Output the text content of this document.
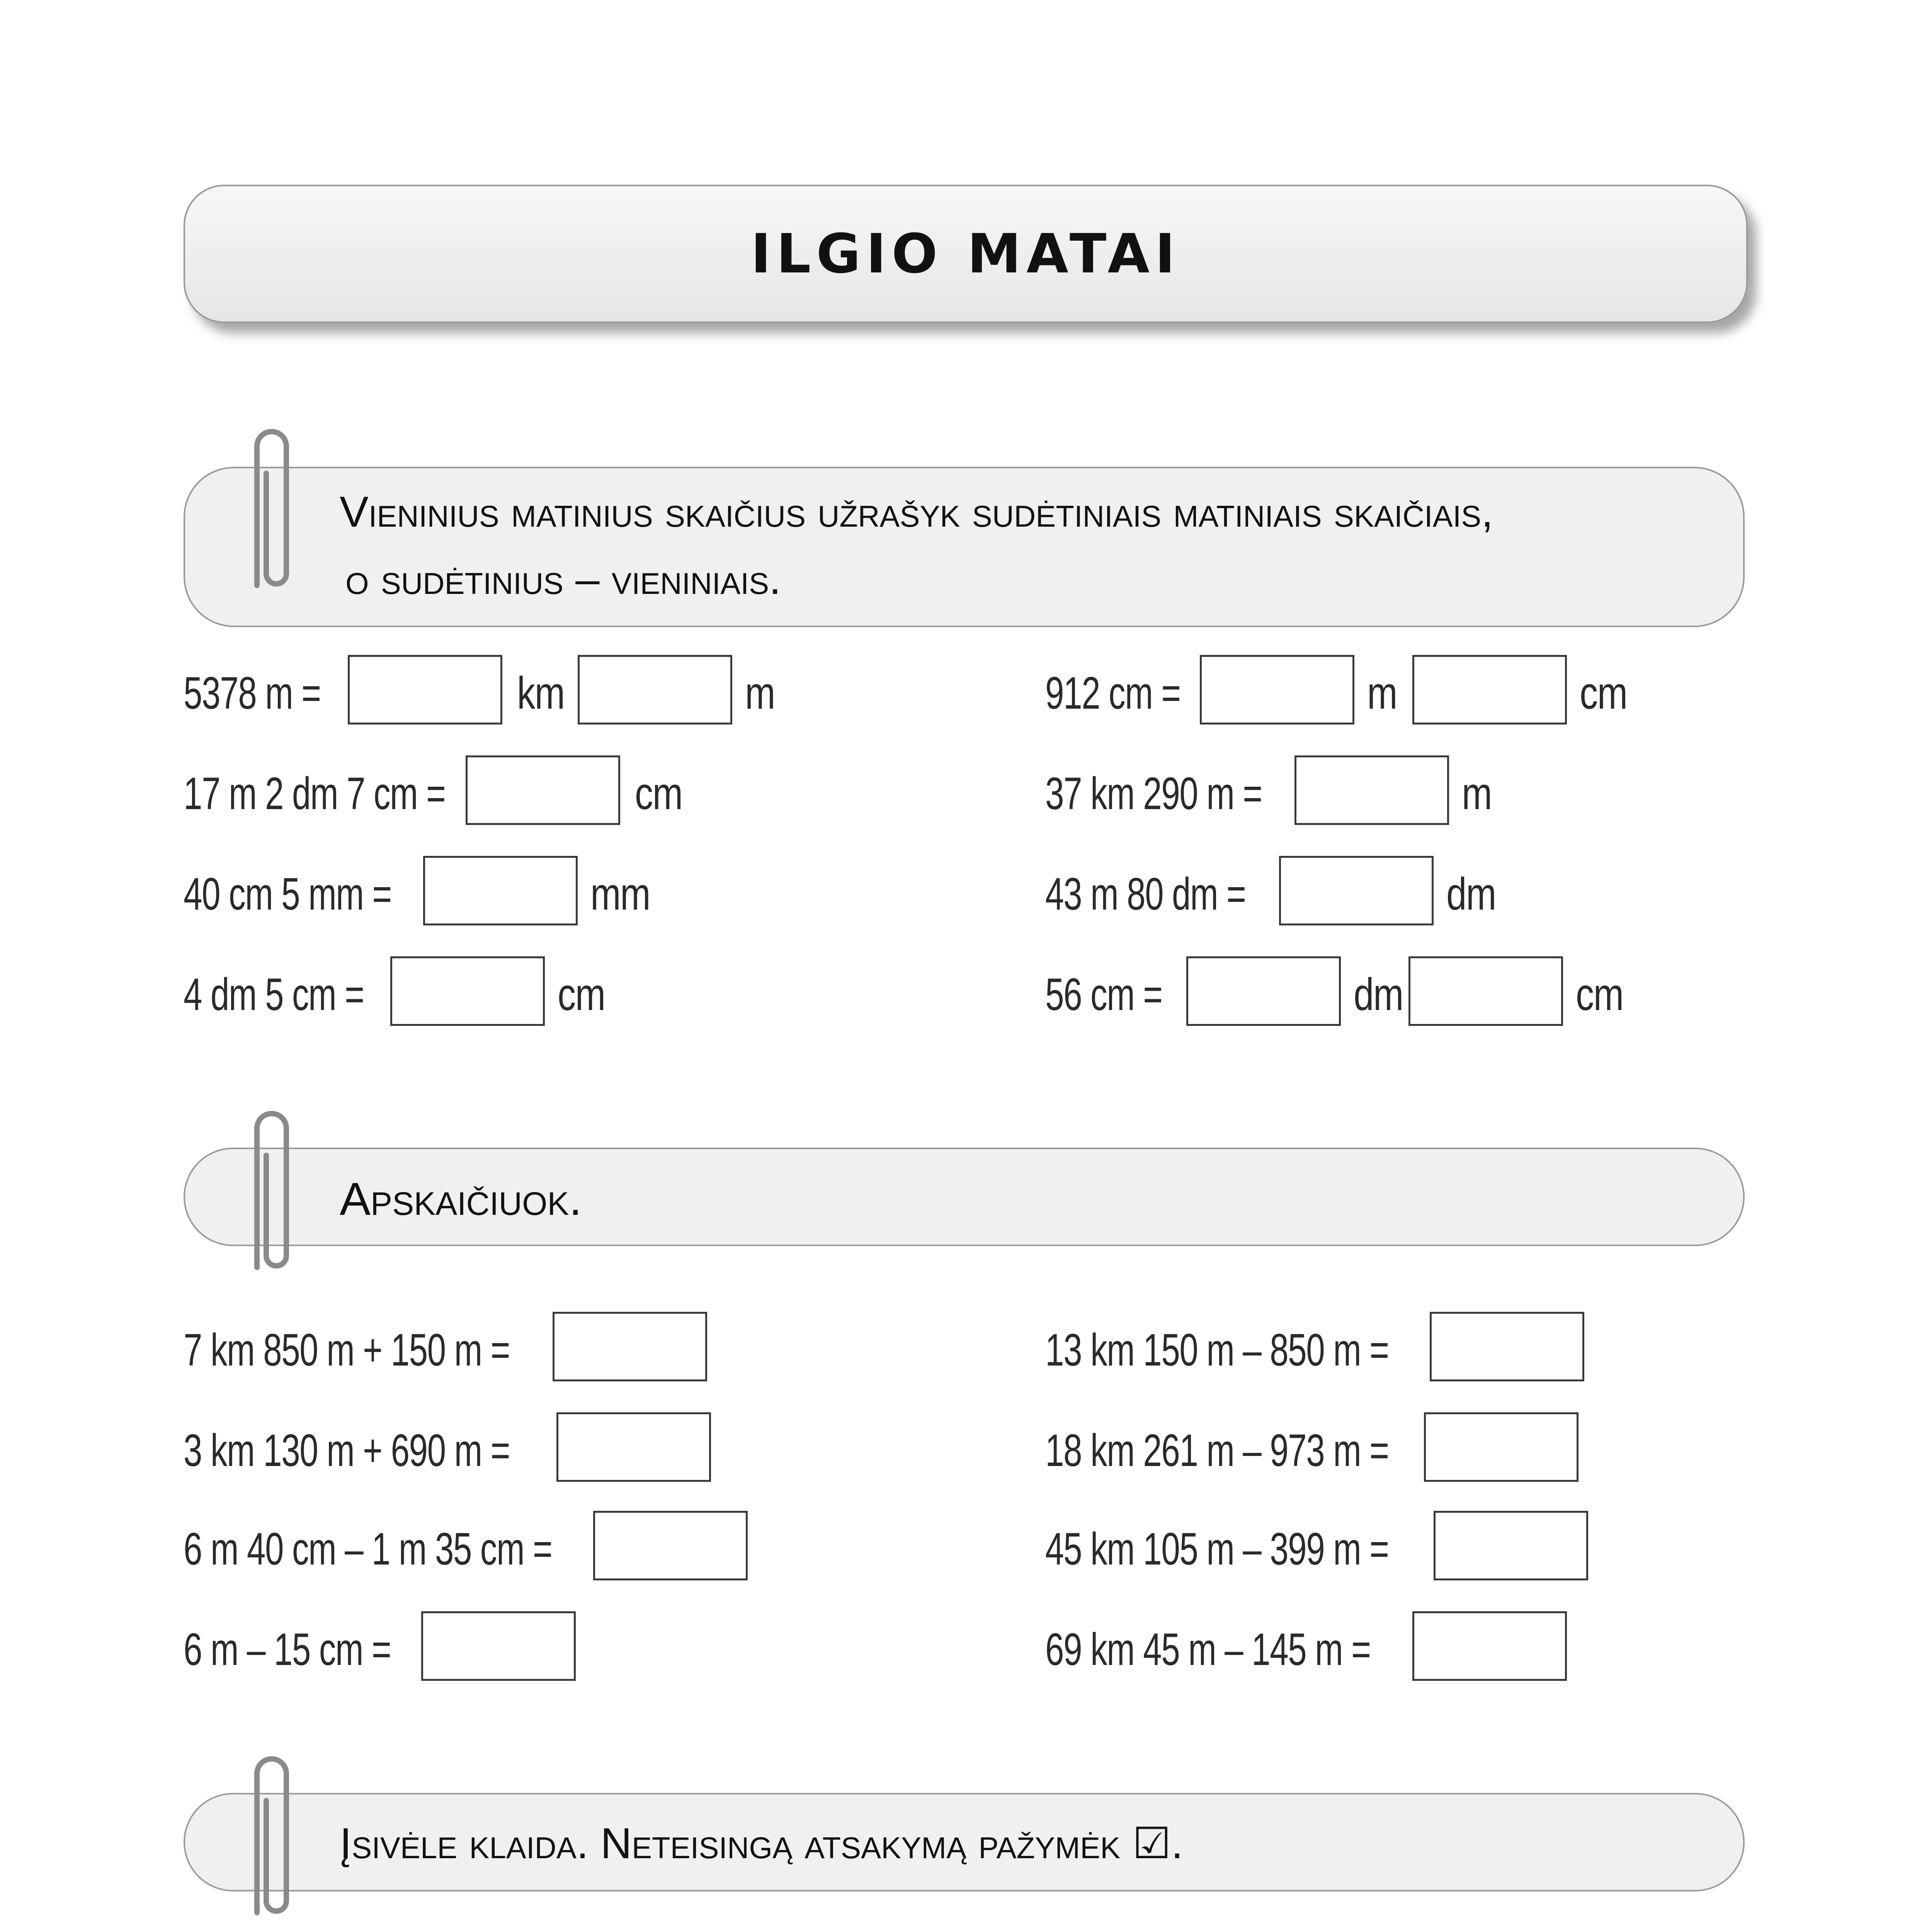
ILGIO MATAI
Vieninius matinius skaičius užrašyk sudėtiniais matiniais skaičiais,
o sudėtinius – vieniniais.
5378 m =	km	m
17 m 2 dm 7 cm =	cm
40 cm 5 mm =	mm
4 dm 5 cm =	cm
912 cm =	m	cm
37 km 290 m =	m
43 m 80 dm =	dm
56 cm =	dm	cm
Apskaičiuok.
7 km 850 m + 150 m =
3 km 130 m + 690 m =
6 m 40 cm – 1 m 35 cm =
6 m – 15 cm =
13 km 150 m – 850 m =
18 km 261 m – 973 m =
45 km 105 m – 399 m =
69 km 45 m – 145 m =
Įsivėle klaida. Neteisingą atsakymą pažymėk ☑.
